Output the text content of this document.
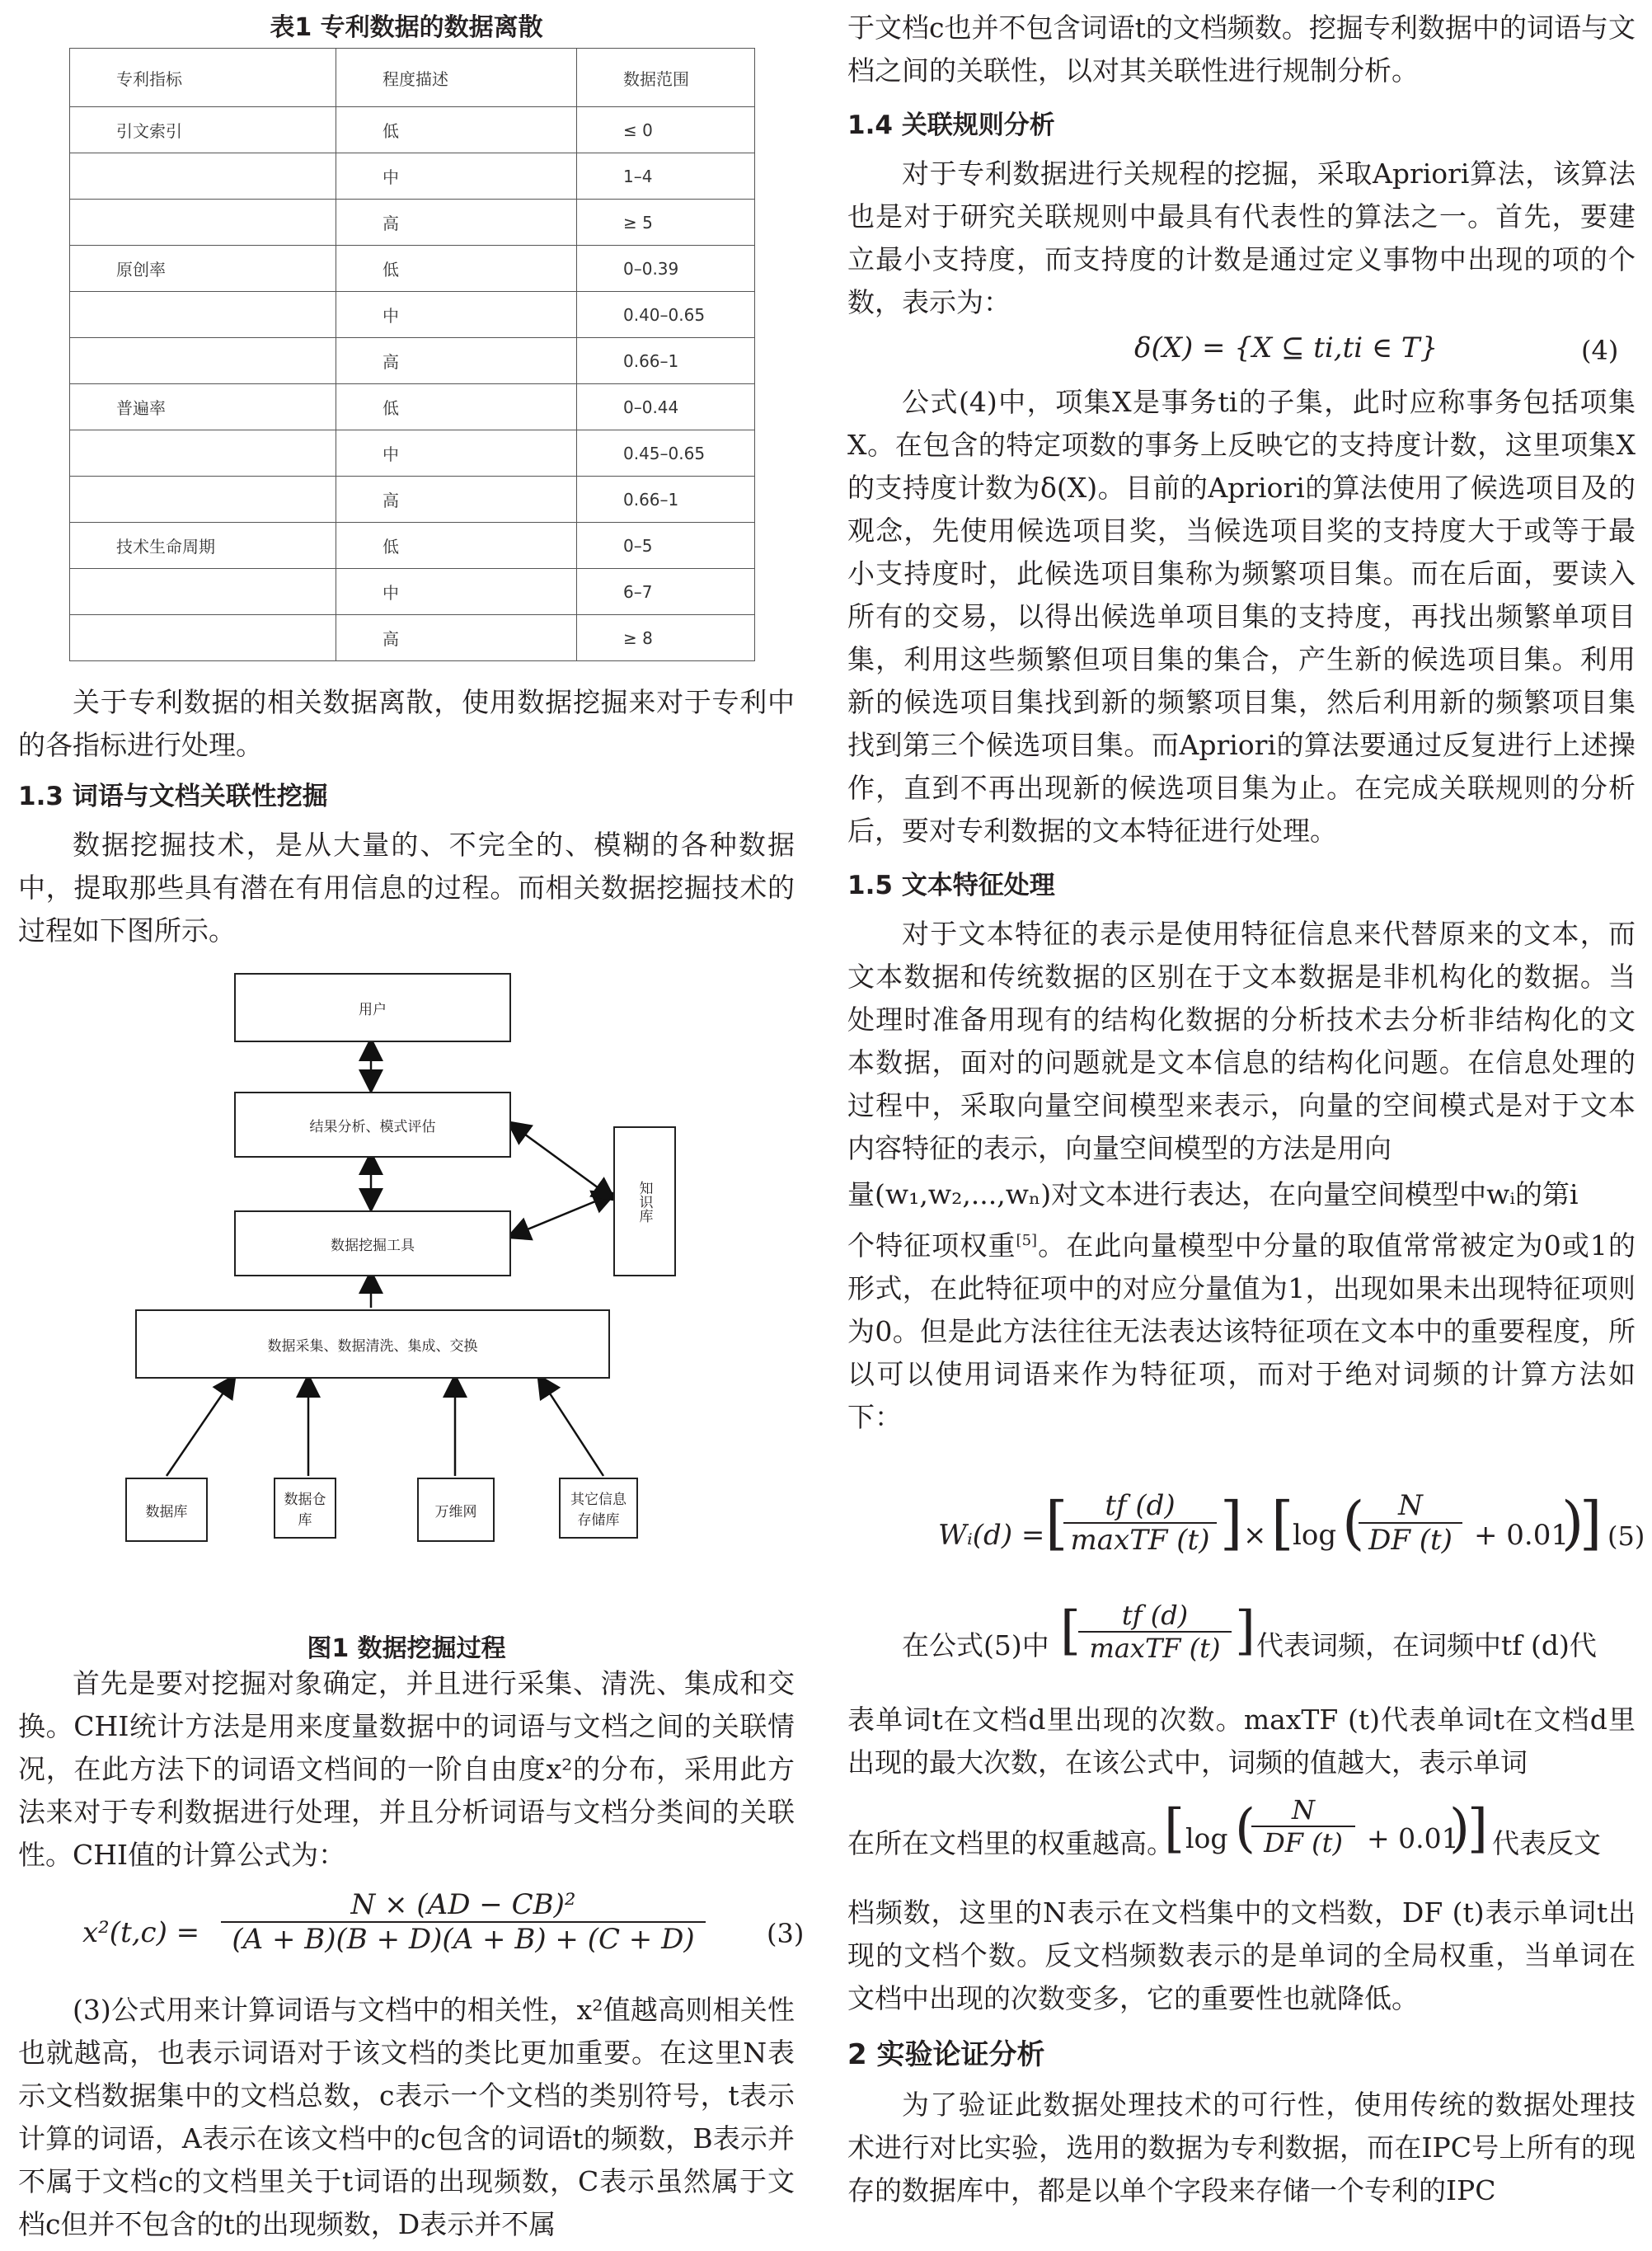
表1 专利数据的数据离散

专利指标	程度描述	数据范围
引文索引	低	≤ 0
	中	1–4
	高	≥ 5
原创率	低	0–0.39
	中	0.40–0.65
	高	0.66–1
普遍率	低	0–0.44
	中	0.45–0.65
	高	0.66–1
技术生命周期	低	0–5
	中	6–7
	高	≥ 8

关于专利数据的相关数据离散，使用数据挖掘来对于专利中的各指标进行处理。

1.3 词语与文档关联性挖掘

数据挖掘技术，是从大量的、不完全的、模糊的各种数据中，提取那些具有潜在有用信息的过程。而相关数据挖掘技术的过程如下图所示。

用户
结果分析、模式评估
知识库
数据挖掘工具
数据采集、数据清洗、集成、交换
数据库
数据仓库
万维网
其它信息存储库

图1 数据挖掘过程

首先是要对挖掘对象确定，并且进行采集、清洗、集成和交换。CHI统计方法是用来度量数据中的词语与文档之间的关联情况，在此方法下的词语文档间的一阶自由度x²的分布，采用此方法来对于专利数据进行处理，并且分析词语与文档分类间的关联性。CHI值的计算公式为：

$x^2(t,c) = \frac{\text{N × (AD − CB)²}}{(A + B)(B + D)(A + B) + (C + D)} (3)$

(3)公式用来计算词语与文档中的相关性，x²值越高则相关性也就越高，也表示词语对于该文档的类比更加重要。在这里N表示文档数据集中的文档总数，c表示一个文档的类别符号，t表示计算的词语，A表示在该文档中的c包含的词语t的频数，B表示并不属于文档c的文档里关于t词语的出现频数，C表示虽然属于文档c但并不包含的t的出现频数，D表示并不属

于文档c也并不包含词语t的文档频数。挖掘专利数据中的词语与文档之间的关联性，以对其关联性进行规制分析。

1.4 关联规则分析

对于专利数据进行关规程的挖掘，采取Apriori算法，该算法也是对于研究关联规则中最具有代表性的算法之一。首先，要建立最小支持度，而支持度的计数是通过定义事物中出现的项的个数，表示为：

δ(X) = {X ⊆ ti,ti ∈ T}	(4)

公式(4)中，项集X是事务ti的子集，此时应称事务包括项集X。在包含的特定项数的事务上反映它的支持度计数，这里项集X的支持度计数为δ(X)。目前的Apriori的算法使用了候选项目及的观念，先使用候选项目奖，当候选项目奖的支持度大于或等于最小支持度时，此候选项目集称为频繁项目集。而在后面，要读入所有的交易，以得出候选单项目集的支持度，再找出频繁单项目集，利用这些频繁但项目集的集合，产生新的候选项目集。利用新的候选项目集找到新的频繁项目集，然后利用新的频繁项目集找到第三个候选项目集。而Apriori的算法要通过反复进行上述操作，直到不再出现新的候选项目集为止。在完成关联规则的分析后，要对专利数据的文本特征进行处理。

1.5 文本特征处理

对于文本特征的表示是使用特征信息来代替原来的文本，而文本数据和传统数据的区别在于文本数据是非机构化的数据。当处理时准备用现有的结构化数据的分析技术去分析非结构化的文本数据，面对的问题就是文本信息的结构化问题。在信息处理的过程中，采取向量空间模型来表示，向量的空间模式是对于文本内容特征的表示，向量空间模型的方法是用向

量(w₁,w₂,...,wₙ)对文本进行表达，在向量空间模型中wᵢ的第i

个特征项权重[5]。在此向量模型中分量的取值常常被定为0或1的形式，在此特征项中的对应分量值为1，出现如果未出现特征项则为0。但是此方法往往无法表达该特征项在文本中的重要程度，所以可以使用词语来作为特征项，而对于绝对词频的计算方法如下：

Wᵢ(d) = [	tf (d)
maxTF (t) ] × [
log (
$\frac{N}{DF (t)} + 0.01$
)
] (5)
在公式(5)中 [	tf (d)
maxTF (t) ] 代表词频，在词频中tf (d)代

表单词t在文档d里出现的次数。maxTF (t)代表单词t在文档d里出现的最大次数，在该公式中，词频的值越大，表示单词

在所在文档里的权重越高。
[ log (
$\frac{N}{DF (t)} + 0.01$
)
] 代表反文

档频数，这里的N表示在文档集中的文档数，DF (t)表示单词t出现的文档个数。反文档频数表示的是单词的全局权重，当单词在文档中出现的次数变多，它的重要性也就降低。

2 实验论证分析

为了验证此数据处理技术的可行性，使用传统的数据处理技术进行对比实验，选用的数据为专利数据，而在IPC号上所有的现存的数据库中，都是以单个字段来存储一个专利的IPC
